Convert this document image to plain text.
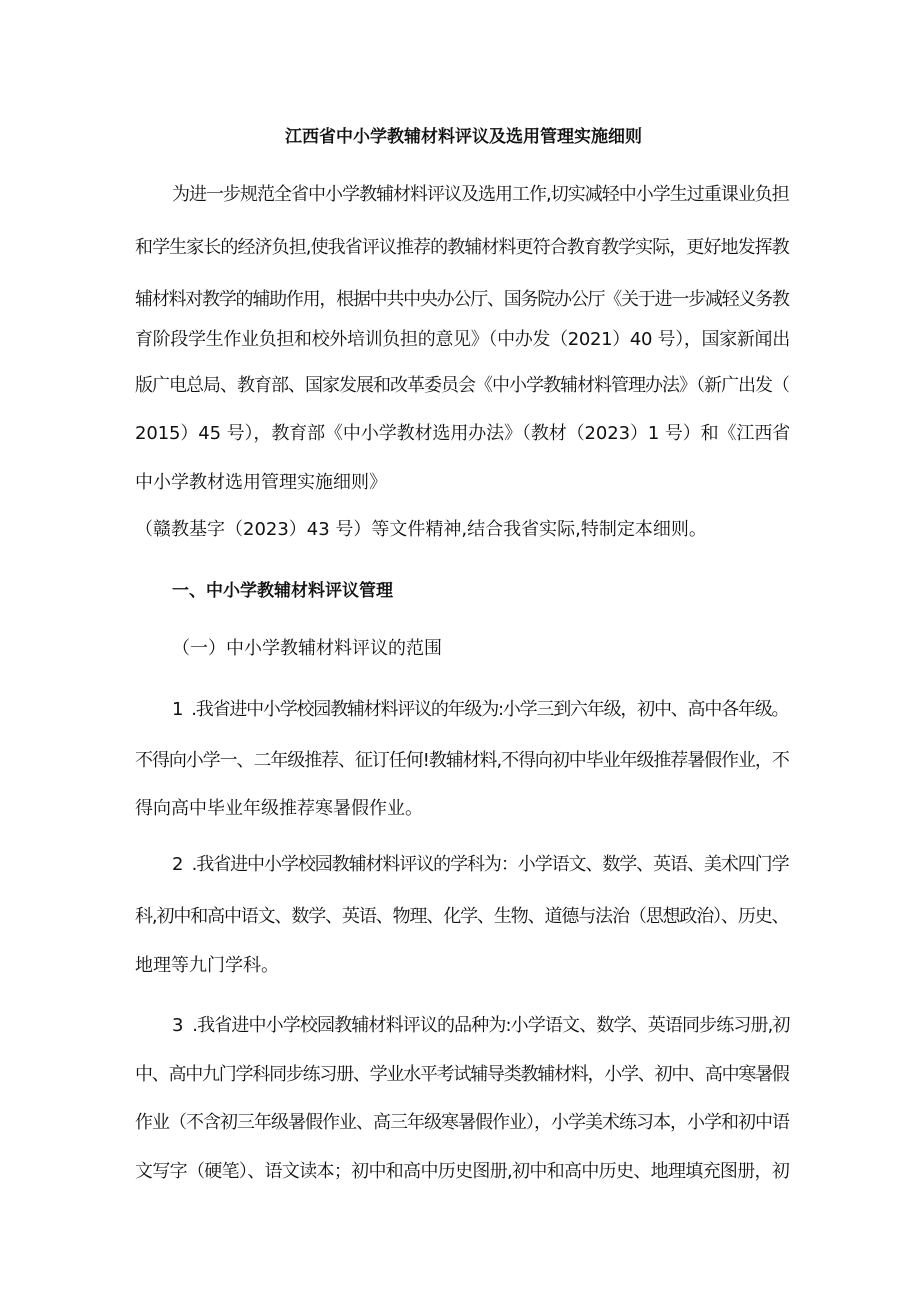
江西省中小学教辅材料评议及选用管理实施细则
为进一步规范全省中小学教辅材料评议及选用工作,切实减轻中小学生过重课业负担
和学生家长的经济负担,使我省评议推荐的教辅材料更符合教育教学实际，更好地发挥教
辅材料对教学的辅助作用，根据中共中央办公厅、国务院办公厅《关于进一步减轻义务教
育阶段学生作业负担和校外培训负担的意见》（中办发（2021）40 号），国家新闻出
版广电总局、教育部、国家发展和改革委员会《中小学教辅材料管理办法》（新广出发（
2015）45 号），教育部《中小学教材选用办法》（教材（2023）1 号）和《江西省
中小学教材选用管理实施细则》
（赣教基字（2023）43 号）等文件精神,结合我省实际,特制定本细则。
一、中小学教辅材料评议管理
（一）中小学教辅材料评议的范围
1  .我省进中小学校园教辅材料评议的年级为:小学三到六年级，初中、高中各年级。
不得向小学一、二年级推荐、征订任何!教辅材料,不得向初中毕业年级推荐暑假作业，不
得向高中毕业年级推荐寒暑假作业。
2  .我省进中小学校园教辅材料评议的学科为：小学语文、数学、英语、美术四门学
科,初中和高中语文、数学、英语、物理、化学、生物、道德与法治（思想政治）、历史、
地理等九门学科。
3  .我省进中小学校园教辅材料评议的品种为:小学语文、数学、英语同步练习册,初
中、高中九门学科同步练习册、学业水平考试辅导类教辅材料，小学、初中、高中寒暑假
作业（不含初三年级暑假作业、高三年级寒暑假作业），小学美术练习本，小学和初中语
文写字（硬笔）、语文读本；初中和高中历史图册,初中和高中历史、地理填充图册，初
